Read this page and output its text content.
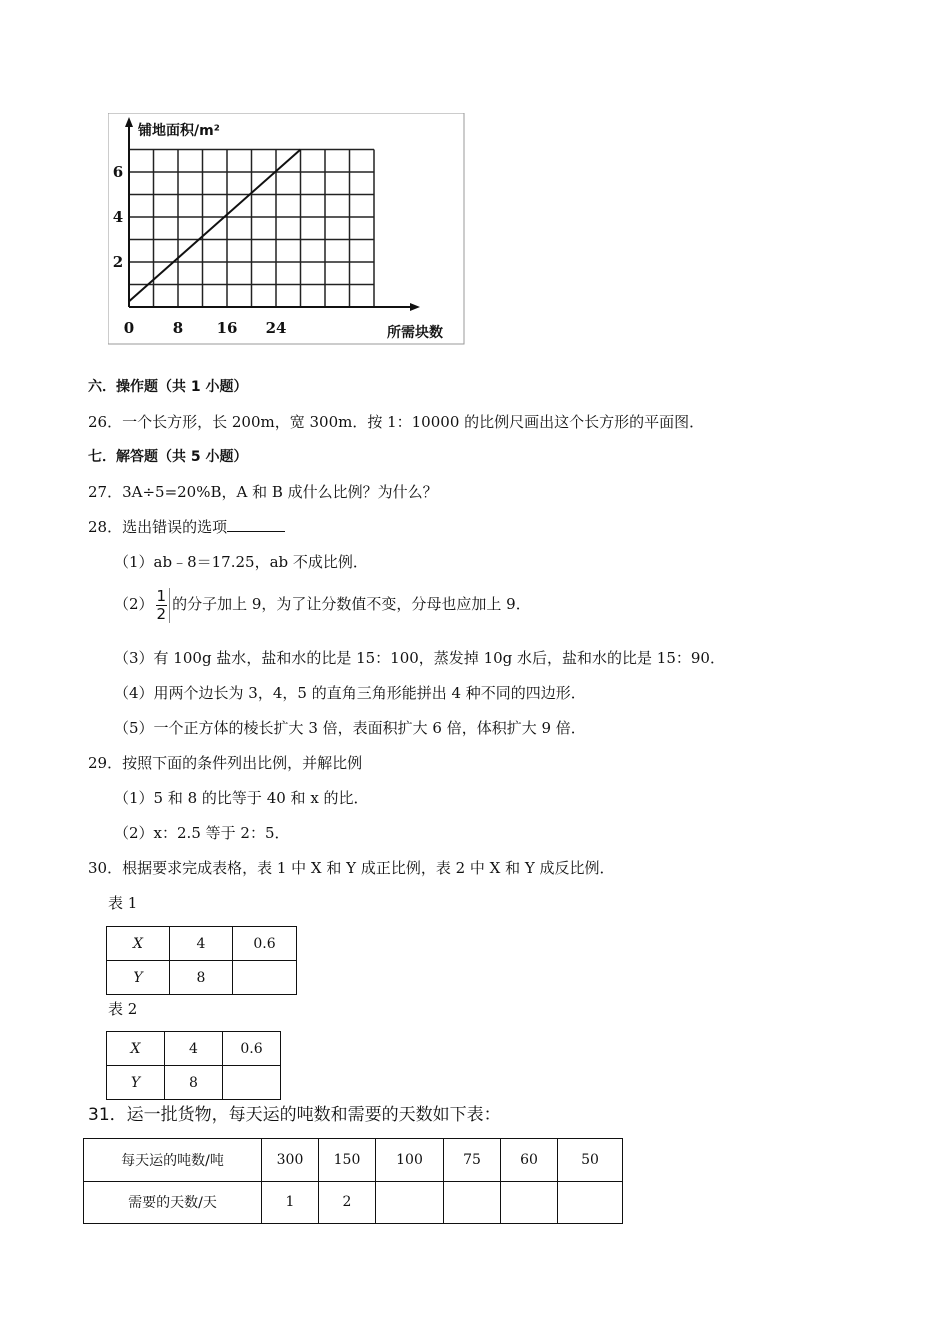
0	8 16 24
2
4
6
铺地面积/m²
所需块数
六．操作题（共 1 小题）
26．一个长方形，长 200m，宽 300m．按 1：10000 的比例尺画出这个长方形的平面图．
七．解答题（共 5 小题）
27．3A÷5=20%B，A 和 B 成什么比例？为什么？
28．选出错误的选项
（1）ab﹣8＝17.25，ab 不成比例．
$(2) \frac{1}{2}$ 的分子加上 9，为了让分数值不变，分母也应加上 9．
（3）有 100g 盐水，盐和水的比是 15：100，蒸发掉 10g 水后，盐和水的比是 15：90．
（4）用两个边长为 3，4，5 的直角三角形能拼出 4 种不同的四边形．
（5）一个正方体的棱长扩大 3 倍，表面积扩大 6 倍，体积扩大 9 倍．
29．按照下面的条件列出比例，并解比例
（1）5 和 8 的比等于 40 和 x 的比．
（2）x：2.5 等于 2：5．
30．根据要求完成表格，表 1 中 X 和 Y 成正比例，表 2 中 X 和 Y 成反比例．
表 1
X	4	0.6
Y	8	
表 2
X	4	0.6
Y	8	
31．运一批货物，每天运的吨数和需要的天数如下表：
每天运的吨数/吨	300	150	100	75	60	50
需要的天数/天	1	2				
